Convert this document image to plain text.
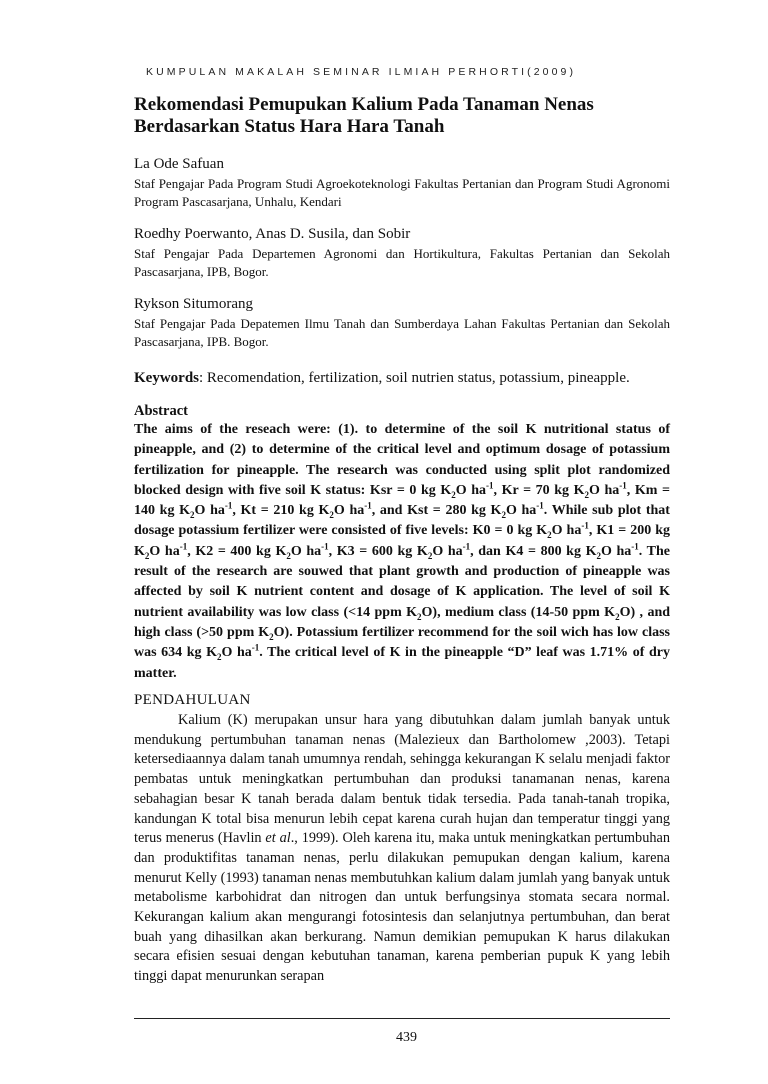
KUMPULAN MAKALAH SEMINAR ILMIAH PERHORTI(2009)
Rekomendasi Pemupukan Kalium Pada Tanaman Nenas
Berdasarkan Status Hara Hara Tanah
La Ode Safuan
Staf Pengajar Pada Program Studi Agroekoteknologi Fakultas Pertanian dan Program Studi Agronomi Program Pascasarjana, Unhalu, Kendari
Roedhy Poerwanto, Anas D. Susila, dan Sobir
Staf Pengajar Pada Departemen Agronomi dan Hortikultura, Fakultas Pertanian dan Sekolah Pascasarjana, IPB, Bogor.
Rykson Situmorang
Staf Pengajar Pada Depatemen Ilmu Tanah dan Sumberdaya Lahan Fakultas Pertanian dan Sekolah Pascasarjana, IPB. Bogor.
Keywords: Recomendation, fertilization, soil nutrien status, potassium, pineapple.
Abstract
The aims of the reseach were: (1). to determine of the soil K nutritional status of pineapple, and (2) to determine of the critical level and optimum dosage of potassium fertilization for pineapple. The research was conducted using split plot randomized blocked design with five soil K status: Ksr = 0 kg $K_2O$ $ha^{-1}$, Kr = 70 kg $K_2O$ $ha^{-1}$, Km = 140 kg $K_2O$ $ha^{-1}$, Kt = 210 kg $K_2O$ $ha^{-1}$, and Kst = 280 kg $K_2O$ $ha^{-1}$. While sub plot that dosage potassium fertilizer were consisted of five levels: K0 = 0 kg $K_2O$ $ha^{-1}$, K1 = 200 kg $K_2O$ $ha^{-1}$, K2 = 400 kg $K_2O$ $ha^{-1}$, K3 = 600 kg $K_2O$ $ha^{-1}$, dan K4 = 800 kg $K_2O$ $ha^{-1}$. The result of the research are souwed that plant growth and production of pineapple was affected by soil K nutrient content and dosage of K application. The level of soil K nutrient availability was low class (<14 ppm $K_2O$), medium class (14-50 ppm $K_2O$) , and high class (>50 ppm $K_2O$). Potassium fertilizer recommend for the soil wich has low class was 634 kg $K_2O$ $ha^{-1}$. The critical level of K in the pineapple “D” leaf was 1.71% of dry matter.
PENDAHULUAN

Kalium (K) merupakan unsur hara yang dibutuhkan dalam jumlah banyak untuk mendukung pertumbuhan tanaman nenas (Malezieux dan Bartholomew ,2003). Tetapi ketersediaannya dalam tanah umumnya rendah, sehingga kekurangan K selalu menjadi faktor pembatas untuk meningkatkan pertumbuhan dan produksi tanamanan nenas, karena sebahagian besar K tanah berada dalam bentuk tidak tersedia. Pada tanah-tanah tropika, kandungan K total bisa menurun lebih cepat karena curah hujan dan temperatur tinggi yang terus menerus (Havlin et al., 1999). Oleh karena itu, maka untuk meningkatkan pertumbuhan dan produktifitas tanaman nenas, perlu dilakukan pemupukan dengan kalium, karena menurut Kelly (1993) tanaman nenas membutuhkan kalium dalam jumlah yang banyak untuk metabolisme karbohidrat dan nitrogen dan untuk berfungsinya stomata secara normal. Kekurangan kalium akan mengurangi fotosintesis dan selanjutnya pertumbuhan, dan berat buah yang dihasilkan akan berkurang. Namun demikian pemupukan K harus dilakukan secara efisien sesuai dengan kebutuhan tanaman, karena pemberian pupuk K yang lebih tinggi dapat menurunkan serapan

439
